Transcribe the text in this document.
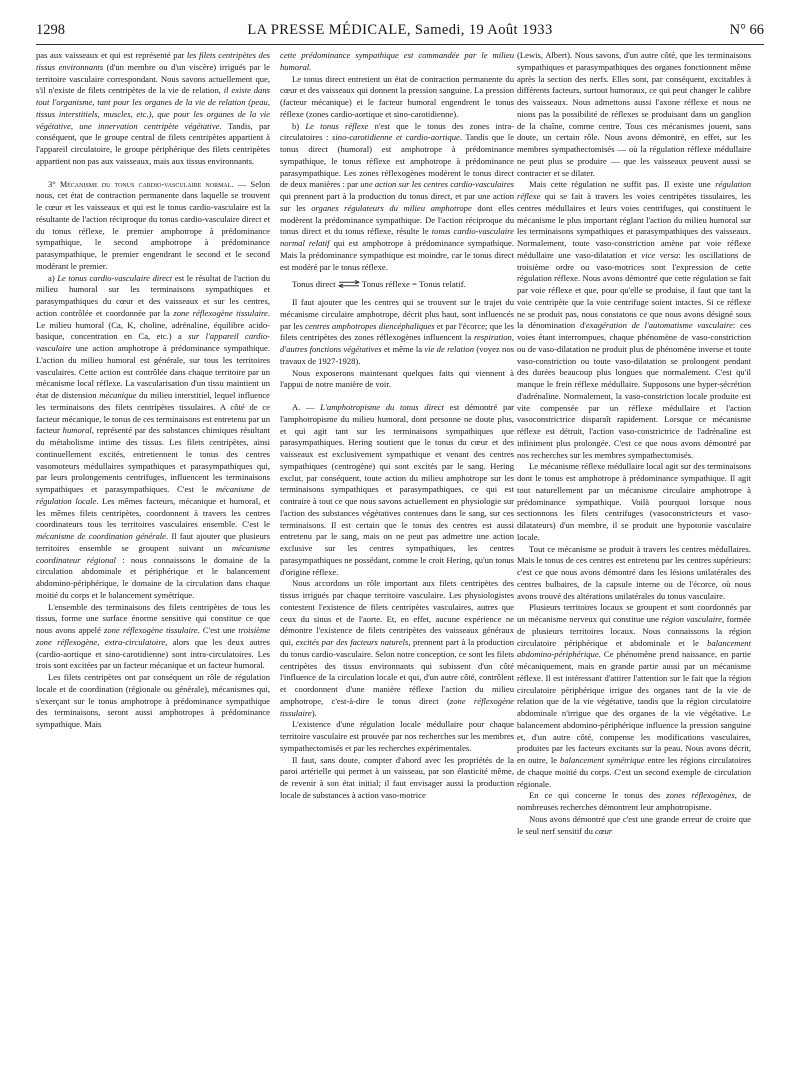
1298	LA PRESSE MÉDICALE, Samedi, 19 Août 1933	N° 66

pas aux vaisseaux et qui est représenté par les filets centripètes des tissus environnants (d'un membre ou d'un viscère) irrigués par le territoire vasculaire correspondant. Nous savons actuellement que, s'il n'existe de filets centripètes de la vie de relation, il existe dans tout l'organisme, tant pour les organes de la vie de relation (peau, tissus interstitiels, muscles, etc.), que pour les organes de la vie végétative, une innervation centripète végétative. Tandis, par conséquent, que le groupe central de filets centripètes appartient à l'appareil circulatoire, le groupe périphérique des filets centripètes appartient non pas aux vaisseaux, mais aux tissus environnants.

3° Mécanisme du tonus cardio-vasculaire normal. — Selon nous, cet état de contraction permanente dans laquelle se trouvent le cœur et les vaisseaux et qui est le tonus cardio-vasculaire est la résultante de l'action réciproque du tonus cardio-vasculaire direct et du tonus réflexe, le premier amphotrope à prédominance sympathique, le second amphotrope à prédominance parasympathique, le premier engendrant le second et le second modérant le premier.

a) Le tonus cardio-vasculaire direct est le résultat de l'action du milieu humoral sur les terminaisons sympathiques et parasympathiques du cœur et des vaisseaux et sur les centres, action contrôlée et coordonnée par la zone réflexogène tissulaire. Le milieu humoral (Ca, K, choline, adrénaline, équilibre acido-basique, concentration en Ca, etc.) a sur l'appareil cardio-vasculaire une action amphotrope à prédominance sympathique. L'action du milieu humoral est générale, sur tous les territoires vasculaires. Cette action est contrôlée dans chaque territoire par un mécanisme local réflexe. La vascularisation d'un tissu maintient un état de distension mécanique du milieu interstitiel, lequel influence les terminaisons des filets centripètes tissulaires. A côté de ce facteur mécanique, le tonus de ces terminaisons est entretenu par un facteur humoral, représenté par des substances chimiques résultant du métabolisme intime des tissus. Les filets centripètes, ainsi continuellement excités, entretiennent le tonus des centres vasomoteurs médullaires sympathiques et parasympathiques qui, par leurs prolongements centrifuges, influencent les terminaisons sympathiques et parasympathiques. C'est le mécanisme de régulation locale. Les mêmes facteurs, mécanique et humoral, et les mêmes filets centripètes, coordonnent à travers les centres coordinateurs tous les territoires vasculaires ensemble. C'est le mécanisme de coordination générale. Il faut ajouter que plusieurs territoires ensemble se groupent suivant un mécanisme coordinateur régional : nous connaissons le domaine de la circulation abdominale et périphérique et le balancement abdomino-périphérique, le domaine de la circulation dans chaque moitié du corps et le balancement symétrique.

L'ensemble des terminaisons des filets centripètes de tous les tissus, forme une surface énorme sensitive qui constitue ce que nous avons appelé zone réflexogène tissulaire. C'est une troisième zone réflexogène, extra-circulatoire, alors que les deux autres (cardio-aortique et sino-carotidienne) sont intra-circulatoires. Les trois sont excitées par un facteur mécanique et un facteur humoral.

Les filets centripètes ont par conséquent un rôle de régulation locale et de coordination (régionale ou générale), mécanismes qui, s'exerçant sur le tonus amphotrope à prédominance sympathique des terminaisons, seront aussi amphotropes à prédominance sympathique. Mais

cette prédominance sympathique est commandée par le milieu humoral.

Le tonus direct entretient un état de contraction permanente du cœur et des vaisseaux qui donnent la pression sanguine. La pression (facteur mécanique) et le facteur humoral engendrent le tonus réflexe (zones cardio-aortique et sino-carotidienne).

b) Le tonus réflexe n'est que le tonus des zones intra-circulatoires : sino-carotidienne et cardio-aortique. Tandis que le tonus direct (humoral) est amphotrope à prédominance sympathique, le tonus réflexe est amphotrope à prédominance parasympathique. Les zones réflexogènes modèrent le tonus direct de deux manières : par une action sur les centres cardio-vasculaires qui prennent part à la production du tonus direct, et par une action sur les organes régulateurs du milieu amphotrope dont elles modèrent la prédominance sympathique. De l'action réciproque du tonus direct et du tonus réflexe, résulte le tonus cardio-vasculaire normal relatif qui est amphotrope à prédominance sympathique. Mais la prédominance sympathique est moindre, car le tonus direct est modéré par le tonus réflexe.

Tonus direct	Tonus réflexe = Tonus relatif.

Il faut ajouter que les centres qui se trouvent sur le trajet du mécanisme circulaire amphotrope, décrit plus haut, sont influencés par les centres amphotropes diencéphaliques et par l'écorce; que les filets centripètes des zones réflexogènes influencent la respiration, d'autres fonctions végétatives et même la vie de relation (voyez nos travaux de 1927-1928).

Nous exposerons maintenant quelques faits qui viennent à l'appui de notre manière de voir.

A. — L'amphotropisme du tonus direct est démontré par l'amphotropisme du milieu humoral, dont personne ne doute plus, et qui agit tant sur les terminaisons sympathiques que parasympathiques. Hering soutient que le tonus du cœur et des vaisseaux est exclusivement sympathique et venant des centres sympathiques (centrogène) qui sont excités par le sang. Hering exclut, par conséquent, toute action du milieu amphotrope sur les terminaisons sympathiques et parasympathiques, ce qui est contraire à tout ce que nous savons actuellement en physiologie sur l'action des substances végétatives contenues dans le sang, sur ces terminaisons. Il est certain que le tonus des centres est aussi entretenu par le sang, mais on ne peut pas admettre une action exclusive sur les centres sympathiques, les centres parasympathiques ne possédant, comme le croit Hering, qu'un tonus d'origine réflexe.

Nous accordons un rôle important aux filets centripètes des tissus irrigués par chaque territoire vasculaire. Les physiologistes contestent l'existence de filets centripètes vasculaires, autres que ceux du sinus et de l'aorte. Et, en effet, aucune expérience ne démontre l'existence de filets centripètes des vaisseaux généraux qui, excités par des facteurs naturels, prennent part à la production du tonus cardio-vasculaire. Selon notre conception, ce sont les filets centripètes des tissus environnants qui subissent d'un côté l'influence de la circulation locale et qui, d'un autre côté, contrôlent et coordonnent d'une manière réflexe l'action du milieu amphotrope, c'est-à-dire le tonus direct (zone réflexogène tissulaire).

L'existence d'une régulation locale médullaire pour chaque territoire vasculaire est prouvée par nos recherches sur les membres sympathectomisés et par les recherches expérimentales.

Il faut, sans doute, compter d'abord avec les propriétés de la paroi artérielle qui permet à un vaisseau, par son élasticité même, de revenir à son état initial; il faut envisager aussi la production locale de substances à action vaso-motrice

(Lewis, Albert). Nous savons, d'un autre côté, que les terminaisons sympathiques et parasympathiques des organes fonctionnent même après la section des nerfs. Elles sont, par conséquent, excitables à différents facteurs, surtout humoraux, ce qui peut changer le calibre des vaisseaux. Nous admettons aussi l'axone réflexe et nous ne nions pas la possibilité de réflexes se produisant dans un ganglion de la chaîne, comme centre. Tous ces mécanismes jouent, sans doute, un certain rôle. Nous avons démontré, en effet, sur les membres sympathectomisés — où la régulation réflexe médullaire ne peut plus se produire — que les vaisseaux peuvent aussi se contracter et se dilater.

Mais cette régulation ne suffit pas. Il existe une régulation réflexe qui se fait à travers les voies centripètes tissulaires, les centres médullaires et leurs voies centrifuges, qui constituent le mécanisme le plus important réglant l'action du milieu humoral sur les terminaisons sympathiques et parasympathiques des vaisseaux. Normalement, toute vaso-constriction amène par voie réflexe médullaire une vaso-dilatation et vice versa: les oscillations de troisième ordre ou vaso-motrices sont l'expression de cette régulation réflexe. Nous avons démontré que cette régulation se fait par voie réflexe et que, pour qu'elle se produise, il faut que tant la voie centripète que la voie centrifuge soient intactes. Si ce réflexe ne se produit pas, nous constatons ce que nous avons désigné sous la dénomination d'exagération de l'automatisme vasculaire: ces voies étant interrompues, chaque phénomène de vaso-constriction ou de vaso-dilatation ne produit plus de phénomène inverse et toute vaso-constriction ou toute vaso-dilatation se prolongent pendant des durées beaucoup plus longues que normalement. C'est qu'il manque le frein réflexe médullaire. Supposons une hyper-sécrétion d'adrénaline. Normalement, la vaso-constriction locale produite est vite compensée par un réflexe médullaire et l'action vasoconstrictrice disparaît rapidement. Lorsque ce mécanisme réflexe est détruit, l'action vaso-constrictrice de l'adrénaline est infiniment plus prolongée. C'est ce que nous avons démontré par nos recherches sur les membres sympathectomisés.

Le mécanisme réflexe médullaire local agit sur des terminaisons dont le tonus est amphotrope à prédominance sympathique. Il agit tout naturellement par un mécanisme circulaire amphotrope à prédominance sympathique. Voilà pourquoi lorsque nous sectionnons les filets centrifuges (vasoconstricteurs et vaso-dilatateurs) d'un membre, il se produit une hypotonie vasculaire locale.

Tout ce mécanisme se produit à travers les centres médullaires. Mais le tonus de ces centres est entretenu par les centres supérieurs: c'est ce que nous avons démontré dans les lésions unilatérales des centres bulbaires, de la capsule interne ou de l'écorce, où nous avons trouvé des altérations unilatérales du tonus vasculaire.

Plusieurs territoires locaux se groupent et sont coordonnés par un mécanisme nerveux qui constitue une région vasculaire, formée de plusieurs territoires locaux. Nous connaissons la région circulatoire périphérique et abdominale et le balancement abdomino-périphérique. Ce phénomène prend naissance, en partie mécaniquement, mais en grande partie aussi par un mécanisme réflexe. Il est intéressant d'attirer l'attention sur le fait que la région circulatoire périphérique irrigue des organes tant de la vie de relation que de la vie végétative, tandis que la région circulatoire abdominale n'irrigue que des organes de la vie végétative. Le balancement abdomino-périphérique influence la pression sanguine et, d'un autre côté, compense les modifications vasculaires, produites par les facteurs excitants sur la peau. Nous avons décrit, en outre, le balancement symétrique entre les régions circulatoires de chaque moitié du corps. C'est un second exemple de circulation régionale.

En ce qui concerne le tonus des zones réflexogènes, de nombreuses recherches démontrent leur amphotropisme.

Nous avons démontré que c'est une grande erreur de croire que le seul nerf sensitif du cœur
